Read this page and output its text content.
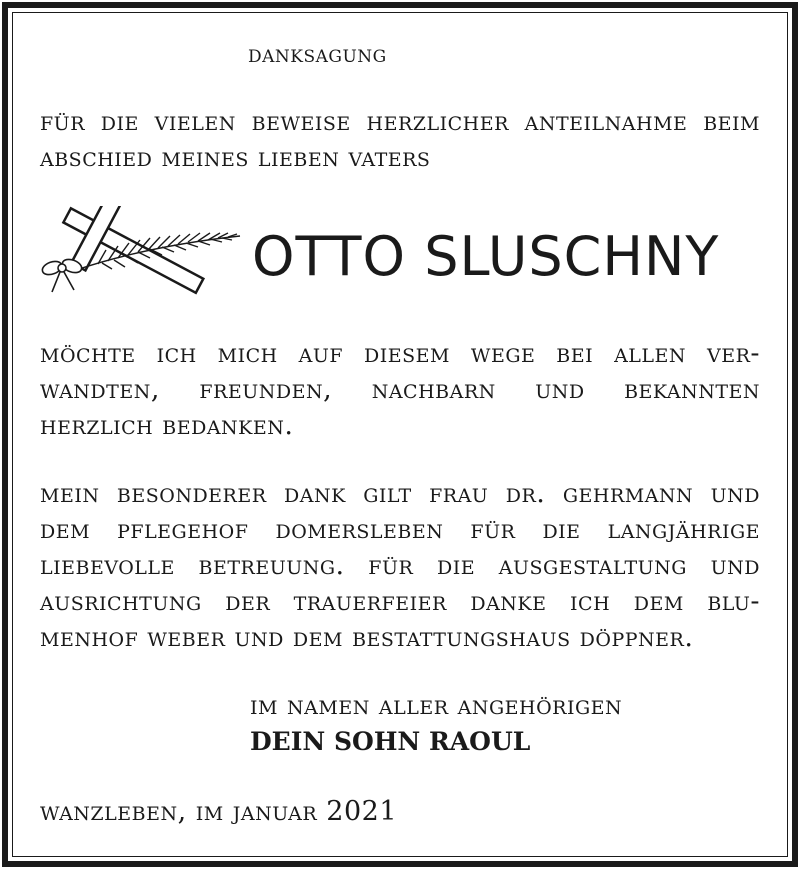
danksagung
für die vielen beweise herzlicher anteilnahme beim
abschied meines lieben vaters
OTTO SLUSCHNY
möchte ich mich auf diesem wege bei allen ver-
wandten, freunden, nachbarn und bekannten
herzlich bedanken.
mein besonderer dank gilt frau dr. gehrmann und
dem pflegehof domersleben für die langjährige
liebevolle betreuung. für die ausgestaltung und
ausrichtung der trauerfeier danke ich dem blu-
menhof weber und dem bestattungshaus döppner.
im namen aller angehörigen
DEIN SOHN RAOUL
wanzleben, im januar 2021
